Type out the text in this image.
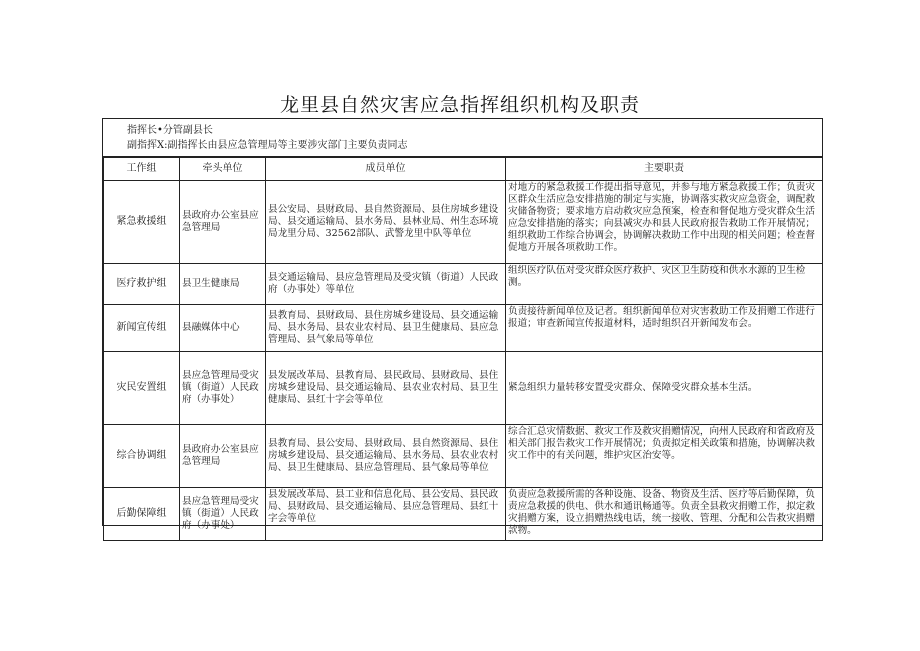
龙里县自然灾害应急指挥组织机构及职责
指挥长•分管副县长
副指挥X:副指挥长由县应急管理局等主要涉灾部门主要负责同志
工作组	牵头单位	成员单位	主要职责
紧急救援组	县政府办公室县应急管理局	县公安局、县财政局、县自然资源局、县住房城乡建设局、县交通运输局、县水务局、县林业局、州生态环境局龙里分局、32562部队、武警龙里中队等单位	对地方的紧急救援工作提出指导意见，并参与地方紧急救援工作；负责灾区群众生活应急安排措施的制定与实施，协调落实救灾应急资金，调配救灾储备物资；要求地方启动救灾应急预案，检查和督促地方受灾群众生活应急安排措施的落实；向县减灾办和县人民政府报告救助工作开展情况；组织救助工作综合协调会，协调解决救助工作中出现的相关问题；检查督促地方开展各项救助工作。
医疗救护组	县卫生健康局	县交通运输局、县应急管理局及受灾镇（街道）人民政府（办事处）等单位	组织医疗队伍对受灾群众医疗救护、灾区卫生防疫和供水水源的卫生检测。
新闻宣传组	县融媒体中心	县教育局、县财政局、县住房城乡建设局、县交通运输局、县水务局、县农业农村局、县卫生健康局、县应急管理局、县气象局等单位	负责接待新闻单位及记者。组织新闻单位对灾害救助工作及捐赠工作进行报道；审查新闻宣传报道材料，适时组织召开新闻发布会。
灾民安置组	县应急管理局受灾镇（街道）人民政府（办事处）	县发展改革局、县教育局、县民政局、县财政局、县住房城乡建设局、县交通运输局、县农业农村局、县卫生健康局、县红十字会等单位	紧急组织力量转移安置受灾群众、保障受灾群众基本生活。
综合协调组	县政府办公室县应急管理局	县教育局、县公安局、县财政局、县自然资源局、县住房城乡建设局、县交通运输局、县水务局、县农业农村局、县卫生健康局、县应急管理局、县气象局等单位	综合汇总灾情数据、救灾工作及救灾捐赠情况，向州人民政府和省政府及相关部门报告救灾工作开展情况；负责拟定相关政策和措施，协调解决救灾工作中的有关问题，维护灾区治安等。
后勤保障组	县应急管理局受灾镇（街道）人民政府（办事处）	县发展改革局、县工业和信息化局、县公安局、县民政局、县财政局、县交通运输局、县应急管理局、县红十字会等单位	负责应急救援所需的各种设施、设备、物资及生活、医疗等后勤保障，负责应急救援的供电、供水和通讯畅通等。负责全县救灾捐赠工作，拟定救灾捐赠方案，设立捐赠热线电话，统一接收、管理、分配和公告救灾捐赠款物。
